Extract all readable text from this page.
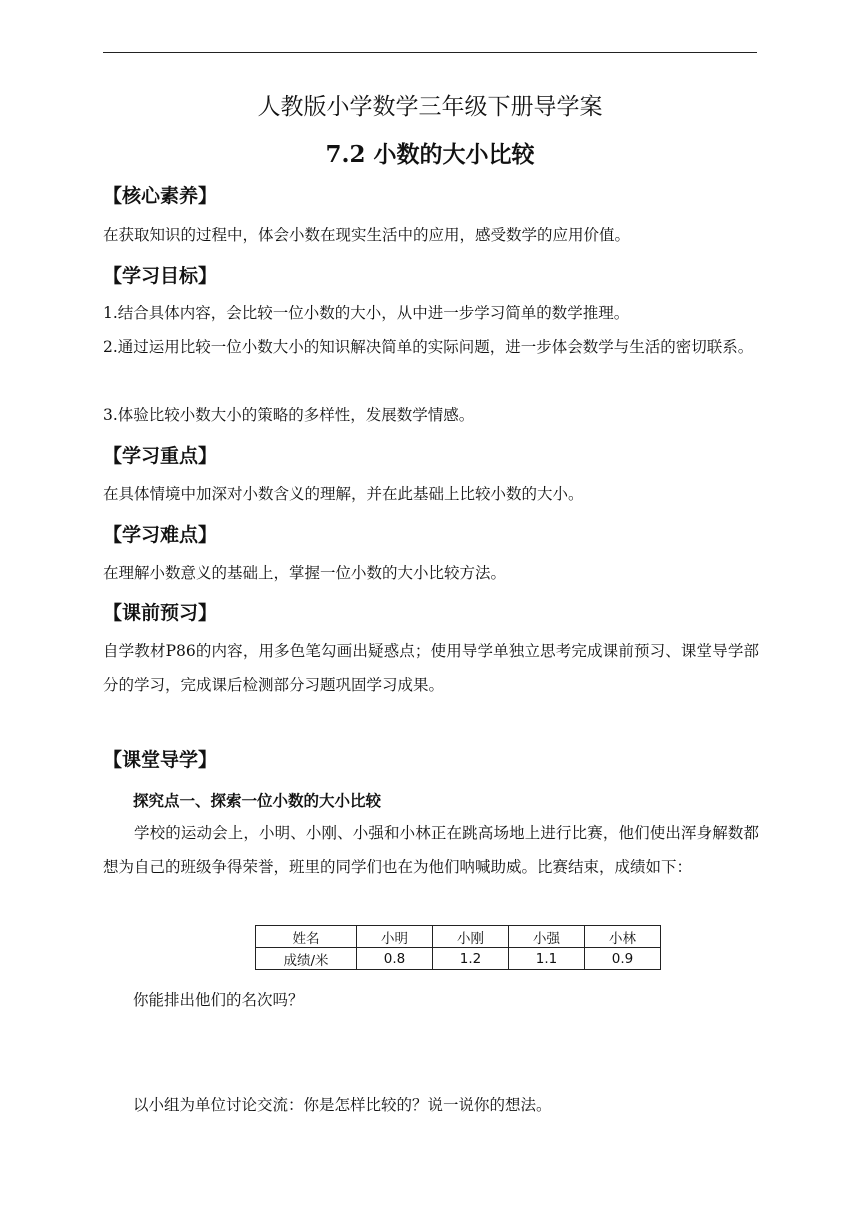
人教版小学数学三年级下册导学案
7.2 小数的大小比较
【核心素养】
在获取知识的过程中，体会小数在现实生活中的应用，感受数学的应用价值。
【学习目标】
1.结合具体内容，会比较一位小数的大小，从中进一步学习简单的数学推理。
2.通过运用比较一位小数大小的知识解决简单的实际问题，进一步体会数学与生活的密切联系。
3.体验比较小数大小的策略的多样性，发展数学情感。
【学习重点】
在具体情境中加深对小数含义的理解，并在此基础上比较小数的大小。
【学习难点】
在理解小数意义的基础上，掌握一位小数的大小比较方法。
【课前预习】
自学教材P86的内容，用多色笔勾画出疑惑点；使用导学单独立思考完成课前预习、课堂导学部分的学习，完成课后检测部分习题巩固学习成果。
【课堂导学】
探究点一、探索一位小数的大小比较
学校的运动会上，小明、小刚、小强和小林正在跳高场地上进行比赛，他们使出浑身解数都想为自己的班级争得荣誉，班里的同学们也在为他们呐喊助威。比赛结束，成绩如下：
姓名	小明	小刚	小强	小林
成绩/米	0.8	1.2	1.1	0.9
你能排出他们的名次吗？
以小组为单位讨论交流：你是怎样比较的？说一说你的想法。
